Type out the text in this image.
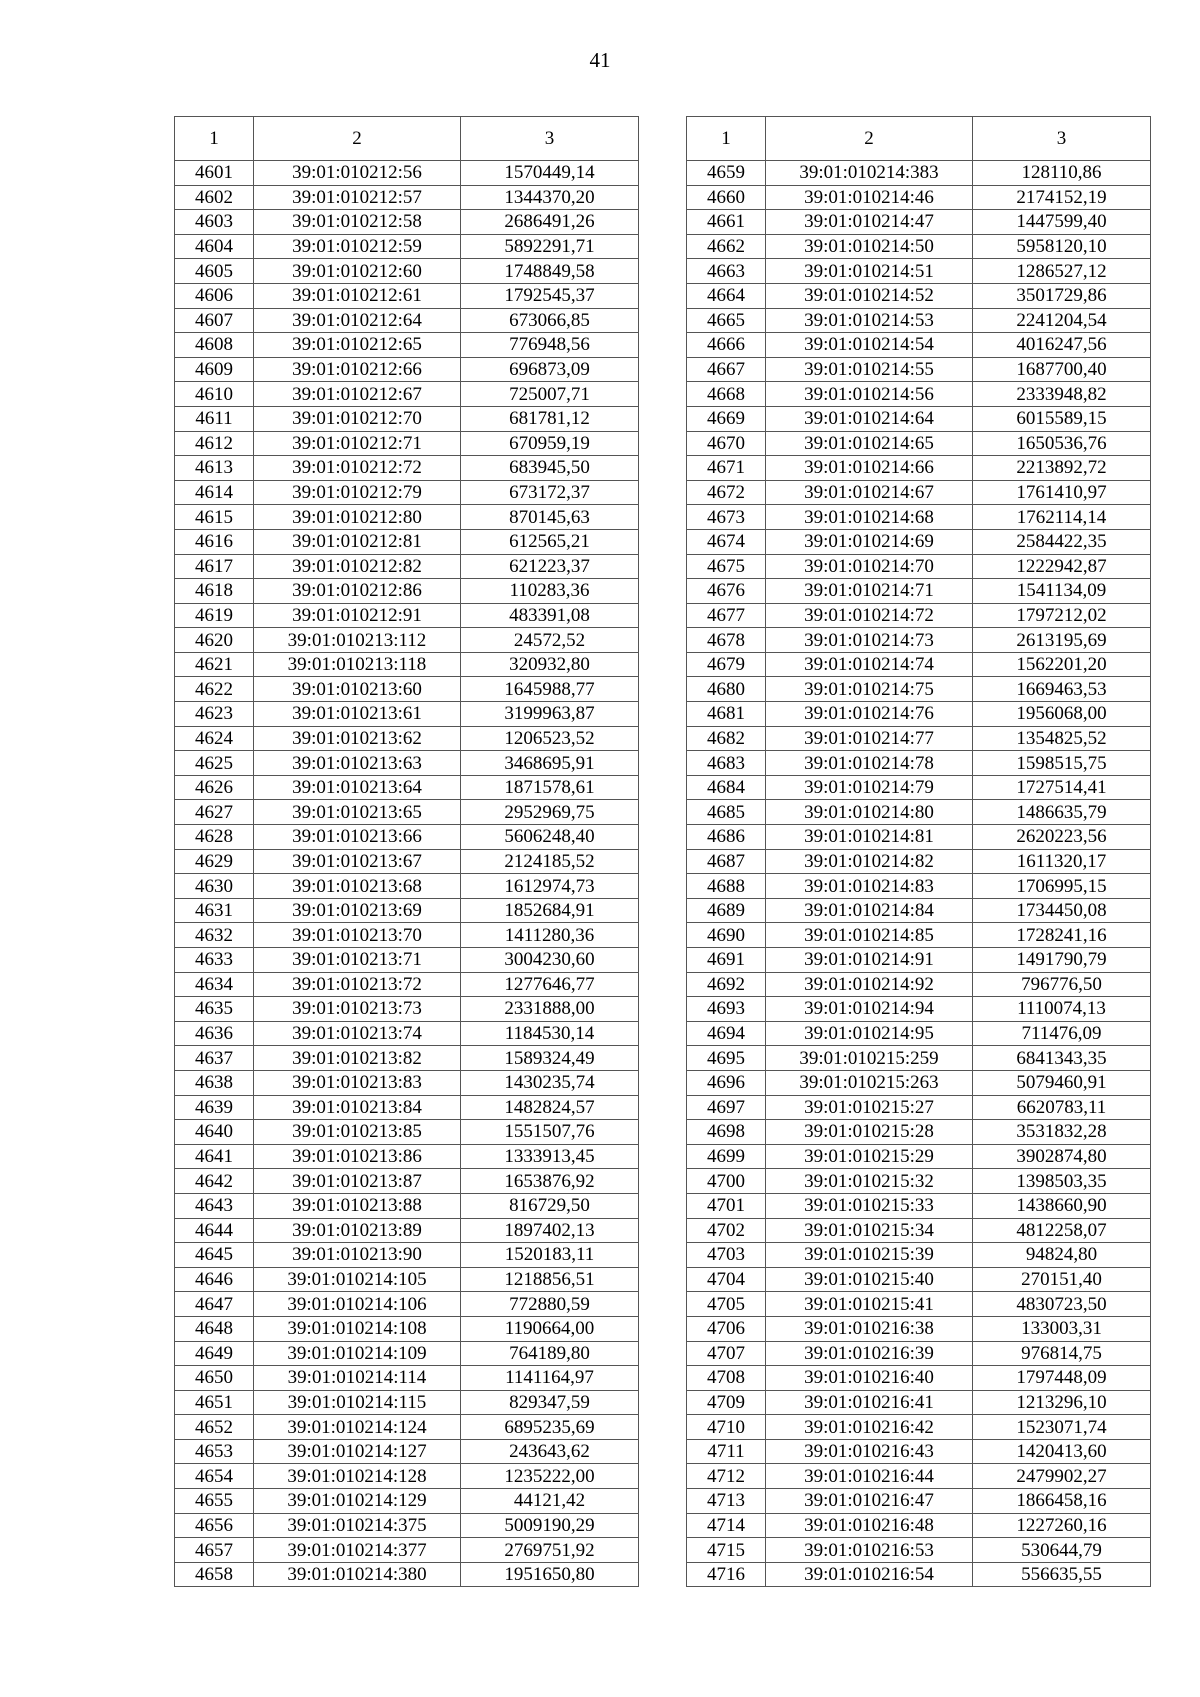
41
1	2	3
4601	39:01:010212:56	1570449,14
4602	39:01:010212:57	1344370,20
4603	39:01:010212:58	2686491,26
4604	39:01:010212:59	5892291,71
4605	39:01:010212:60	1748849,58
4606	39:01:010212:61	1792545,37
4607	39:01:010212:64	673066,85
4608	39:01:010212:65	776948,56
4609	39:01:010212:66	696873,09
4610	39:01:010212:67	725007,71
4611	39:01:010212:70	681781,12
4612	39:01:010212:71	670959,19
4613	39:01:010212:72	683945,50
4614	39:01:010212:79	673172,37
4615	39:01:010212:80	870145,63
4616	39:01:010212:81	612565,21
4617	39:01:010212:82	621223,37
4618	39:01:010212:86	110283,36
4619	39:01:010212:91	483391,08
4620	39:01:010213:112	24572,52
4621	39:01:010213:118	320932,80
4622	39:01:010213:60	1645988,77
4623	39:01:010213:61	3199963,87
4624	39:01:010213:62	1206523,52
4625	39:01:010213:63	3468695,91
4626	39:01:010213:64	1871578,61
4627	39:01:010213:65	2952969,75
4628	39:01:010213:66	5606248,40
4629	39:01:010213:67	2124185,52
4630	39:01:010213:68	1612974,73
4631	39:01:010213:69	1852684,91
4632	39:01:010213:70	1411280,36
4633	39:01:010213:71	3004230,60
4634	39:01:010213:72	1277646,77
4635	39:01:010213:73	2331888,00
4636	39:01:010213:74	1184530,14
4637	39:01:010213:82	1589324,49
4638	39:01:010213:83	1430235,74
4639	39:01:010213:84	1482824,57
4640	39:01:010213:85	1551507,76
4641	39:01:010213:86	1333913,45
4642	39:01:010213:87	1653876,92
4643	39:01:010213:88	816729,50
4644	39:01:010213:89	1897402,13
4645	39:01:010213:90	1520183,11
4646	39:01:010214:105	1218856,51
4647	39:01:010214:106	772880,59
4648	39:01:010214:108	1190664,00
4649	39:01:010214:109	764189,80
4650	39:01:010214:114	1141164,97
4651	39:01:010214:115	829347,59
4652	39:01:010214:124	6895235,69
4653	39:01:010214:127	243643,62
4654	39:01:010214:128	1235222,00
4655	39:01:010214:129	44121,42
4656	39:01:010214:375	5009190,29
4657	39:01:010214:377	2769751,92
4658	39:01:010214:380	1951650,80
1	2	3
4659	39:01:010214:383	128110,86
4660	39:01:010214:46	2174152,19
4661	39:01:010214:47	1447599,40
4662	39:01:010214:50	5958120,10
4663	39:01:010214:51	1286527,12
4664	39:01:010214:52	3501729,86
4665	39:01:010214:53	2241204,54
4666	39:01:010214:54	4016247,56
4667	39:01:010214:55	1687700,40
4668	39:01:010214:56	2333948,82
4669	39:01:010214:64	6015589,15
4670	39:01:010214:65	1650536,76
4671	39:01:010214:66	2213892,72
4672	39:01:010214:67	1761410,97
4673	39:01:010214:68	1762114,14
4674	39:01:010214:69	2584422,35
4675	39:01:010214:70	1222942,87
4676	39:01:010214:71	1541134,09
4677	39:01:010214:72	1797212,02
4678	39:01:010214:73	2613195,69
4679	39:01:010214:74	1562201,20
4680	39:01:010214:75	1669463,53
4681	39:01:010214:76	1956068,00
4682	39:01:010214:77	1354825,52
4683	39:01:010214:78	1598515,75
4684	39:01:010214:79	1727514,41
4685	39:01:010214:80	1486635,79
4686	39:01:010214:81	2620223,56
4687	39:01:010214:82	1611320,17
4688	39:01:010214:83	1706995,15
4689	39:01:010214:84	1734450,08
4690	39:01:010214:85	1728241,16
4691	39:01:010214:91	1491790,79
4692	39:01:010214:92	796776,50
4693	39:01:010214:94	1110074,13
4694	39:01:010214:95	711476,09
4695	39:01:010215:259	6841343,35
4696	39:01:010215:263	5079460,91
4697	39:01:010215:27	6620783,11
4698	39:01:010215:28	3531832,28
4699	39:01:010215:29	3902874,80
4700	39:01:010215:32	1398503,35
4701	39:01:010215:33	1438660,90
4702	39:01:010215:34	4812258,07
4703	39:01:010215:39	94824,80
4704	39:01:010215:40	270151,40
4705	39:01:010215:41	4830723,50
4706	39:01:010216:38	133003,31
4707	39:01:010216:39	976814,75
4708	39:01:010216:40	1797448,09
4709	39:01:010216:41	1213296,10
4710	39:01:010216:42	1523071,74
4711	39:01:010216:43	1420413,60
4712	39:01:010216:44	2479902,27
4713	39:01:010216:47	1866458,16
4714	39:01:010216:48	1227260,16
4715	39:01:010216:53	530644,79
4716	39:01:010216:54	556635,55
